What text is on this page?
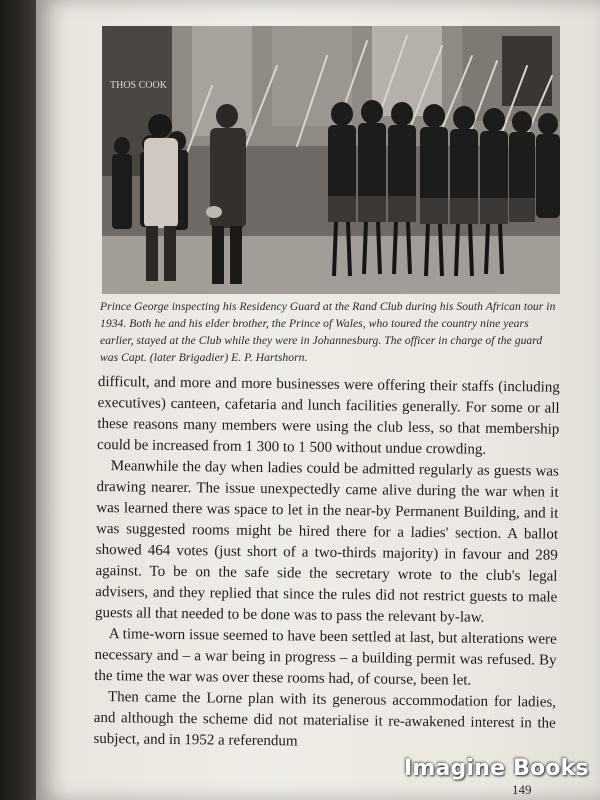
THOS COOK

Prince George inspecting his Residency Guard at the Rand Club during his South African tour in 1934. Both he and his elder brother, the Prince of Wales, who toured the country nine years earlier, stayed at the Club while they were in Johannesburg. The officer in charge of the guard was Capt. (later Brigadier) E. P. Hartshorn.

difficult, and more and more businesses were offering their staffs (including executives) canteen, cafetaria and lunch facilities generally. For some or all these reasons many members were using the club less, so that membership could be increased from 1 300 to 1 500 without undue crowding.

Meanwhile the day when ladies could be admitted regularly as guests was drawing nearer. The issue unexpectedly came alive during the war when it was learned there was space to let in the near-by Permanent Building, and it was suggested rooms might be hired there for a ladies' section. A ballot showed 464 votes (just short of a two-thirds majority) in favour and 289 against. To be on the safe side the secretary wrote to the club's legal advisers, and they replied that since the rules did not restrict guests to male guests all that needed to be done was to pass the relevant by-law.

A time-worn issue seemed to have been settled at last, but alterations were necessary and – a war being in progress – a building permit was refused. By the time the war was over these rooms had, of course, been let.

Then came the Lorne plan with its generous accommodation for ladies, and although the scheme did not materialise it re-awakened interest in the subject, and in 1952 a referendum

149
Imagine Books
